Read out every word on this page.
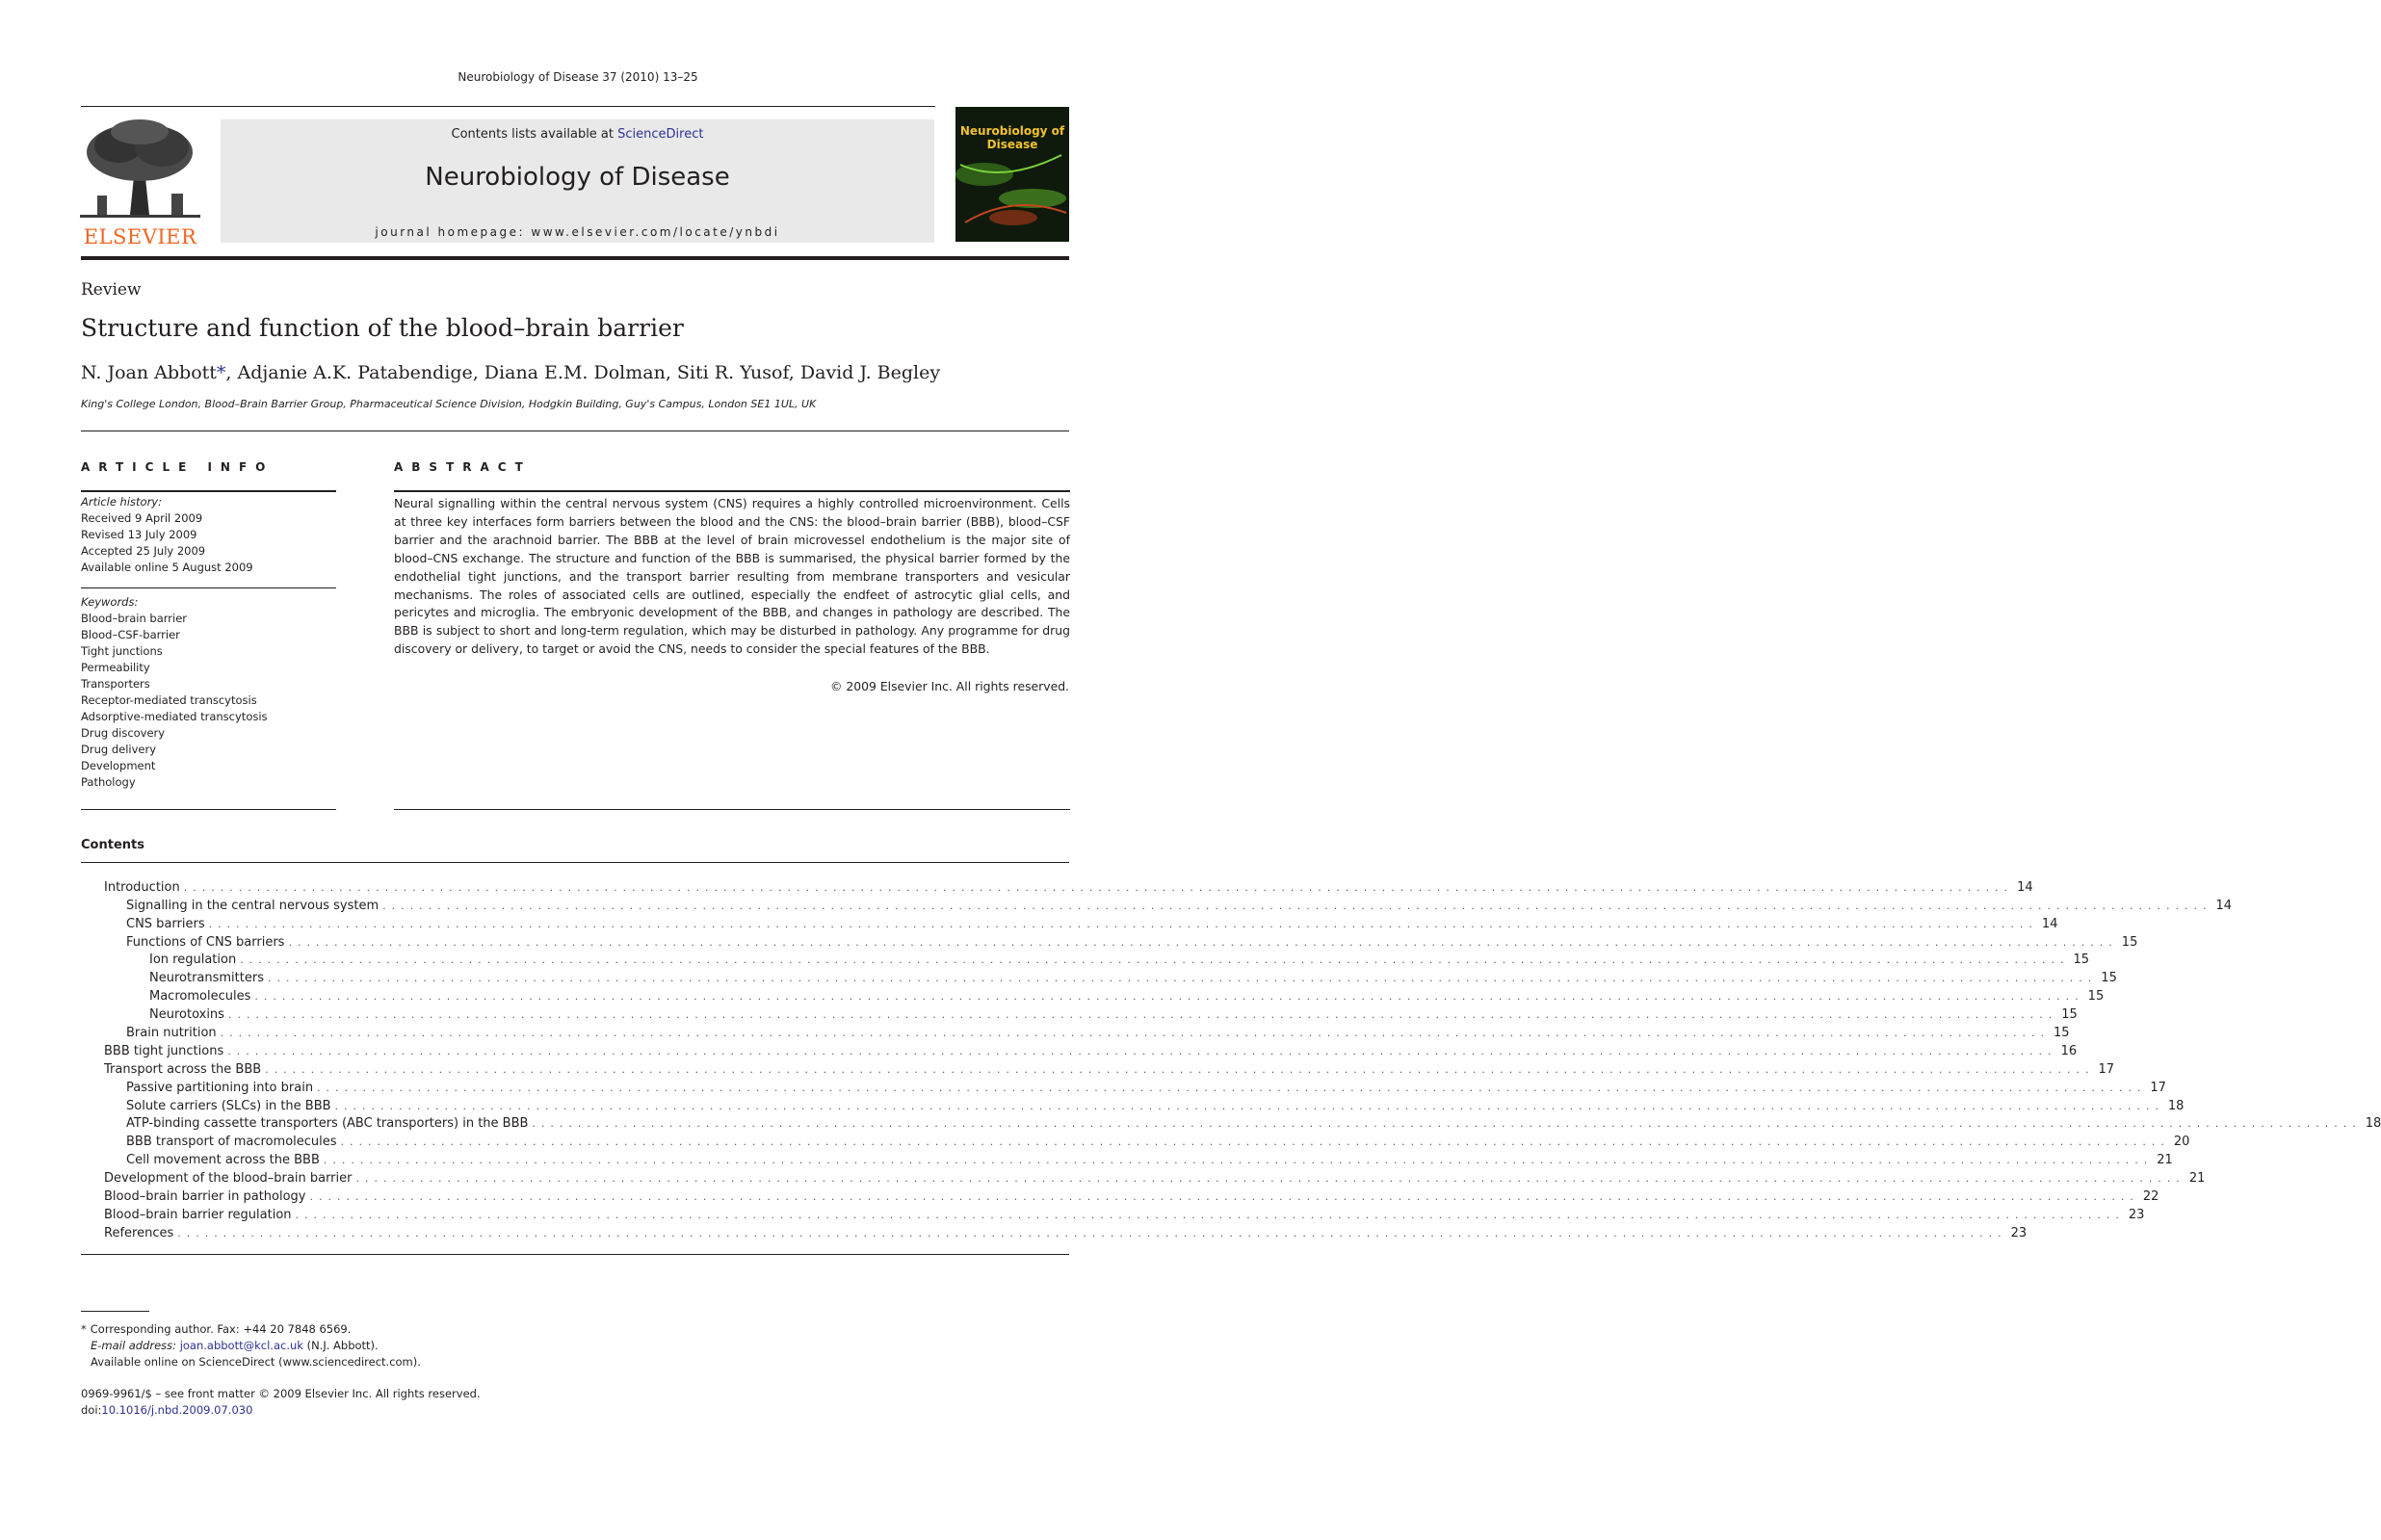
Neurobiology of Disease 37 (2010) 13–25
ELSEVIER
Contents lists available at ScienceDirect
Neurobiology of Disease
journal homepage: www.elsevier.com/locate/ynbdi
Neurobiology of Disease
Review
Structure and function of the blood–brain barrier
N. Joan Abbott*, Adjanie A.K. Patabendige, Diana E.M. Dolman, Siti R. Yusof, David J. Begley
King's College London, Blood–Brain Barrier Group, Pharmaceutical Science Division, Hodgkin Building, Guy's Campus, London SE1 1UL, UK
ARTICLE INFO	ABSTRACT
Article history:
Received 9 April 2009
Revised 13 July 2009
Accepted 25 July 2009
Available online 5 August 2009
Keywords:
Blood–brain barrier
Blood–CSF-barrier
Tight junctions
Permeability
Transporters
Receptor-mediated transcytosis
Adsorptive-mediated transcytosis
Drug discovery
Drug delivery
Development
Pathology
Neural signalling within the central nervous system (CNS) requires a highly controlled microenvironment. Cells at three key interfaces form barriers between the blood and the CNS: the blood–brain barrier (BBB), blood–CSF barrier and the arachnoid barrier. The BBB at the level of brain microvessel endothelium is the major site of blood–CNS exchange. The structure and function of the BBB is summarised, the physical barrier formed by the endothelial tight junctions, and the transport barrier resulting from membrane transporters and vesicular mechanisms. The roles of associated cells are outlined, especially the endfeet of astrocytic glial cells, and pericytes and microglia. The embryonic development of the BBB, and changes in pathology are described. The BBB is subject to short and long-term regulation, which may be disturbed in pathology. Any programme for drug discovery or delivery, to target or avoid the CNS, needs to consider the special features of the BBB.
© 2009 Elsevier Inc. All rights reserved.
Contents
Introduction ........................................................................................................................................................................................................ 14
Signalling in the central nervous system ........................................................................................................................................................................................................ 14
CNS barriers ........................................................................................................................................................................................................ 14
Functions of CNS barriers ........................................................................................................................................................................................................ 15
Ion regulation ........................................................................................................................................................................................................ 15
Neurotransmitters ........................................................................................................................................................................................................ 15
Macromolecules ........................................................................................................................................................................................................ 15
Neurotoxins ........................................................................................................................................................................................................ 15
Brain nutrition ........................................................................................................................................................................................................ 15
BBB tight junctions ........................................................................................................................................................................................................ 16
Transport across the BBB ........................................................................................................................................................................................................ 17
Passive partitioning into brain ........................................................................................................................................................................................................ 17
Solute carriers (SLCs) in the BBB ........................................................................................................................................................................................................ 18
ATP-binding cassette transporters (ABC transporters) in the BBB ........................................................................................................................................................................................................ 18
BBB transport of macromolecules ........................................................................................................................................................................................................ 20
Cell movement across the BBB ........................................................................................................................................................................................................ 21
Development of the blood–brain barrier ........................................................................................................................................................................................................ 21
Blood–brain barrier in pathology ........................................................................................................................................................................................................ 22
Blood–brain barrier regulation ........................................................................................................................................................................................................ 23
References ........................................................................................................................................................................................................ 23
* Corresponding author. Fax: +44 20 7848 6569.
E-mail address: joan.abbott@kcl.ac.uk (N.J. Abbott).
Available online on ScienceDirect (www.sciencedirect.com).
0969-9961/$ – see front matter © 2009 Elsevier Inc. All rights reserved.
doi:10.1016/j.nbd.2009.07.030
